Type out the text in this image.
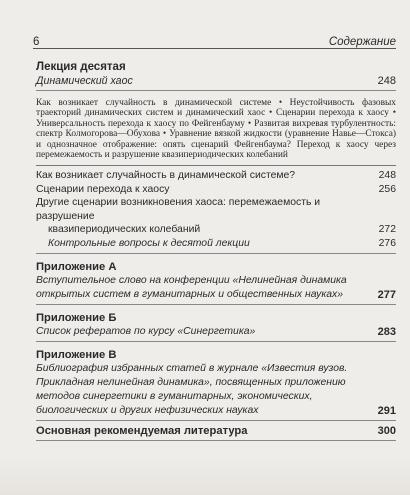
6	Содержание
Лекция десятая
Динамический хаос	248
Как возникает случайность в динамической системе • Неустойчивость фазовых траекторий динамических систем и динамический хаос • Сценарии перехода к хаосу • Универсальность перехода к хаосу по Фейгенбауму • Развитая вихревая турбулентность: спектр Колмогорова—Обухова • Уравнение вязкой жидкости (уравнение Навье—Стокса) и однозначное отображение: опять сценарий Фейгенбаума? Переход к хаосу через перемежаемость и разрушение квазипериодических колебаний
Как возникает случайность в динамической системе?	248
Сценарии перехода к хаосу	256
Другие сценарии возникновения хаоса: перемежаемость и разрушение
квазипериодических колебаний	272
Контрольные вопросы к десятой лекции	276
Приложение А
Вступительное слово на конференции «Нелинейная динамика
открытых систем в гуманитарных и общественных науках»	277
Приложение Б
Список рефератов по курсу «Синергетика»	283
Приложение В
Библиография избранных статей в журнале «Известия вузов.
Прикладная нелинейная динамика», посвященных приложению
методов синергетики в гуманитарных, экономических,
биологических и других нефизических науках	291
Основная рекомендуемая литература	300
